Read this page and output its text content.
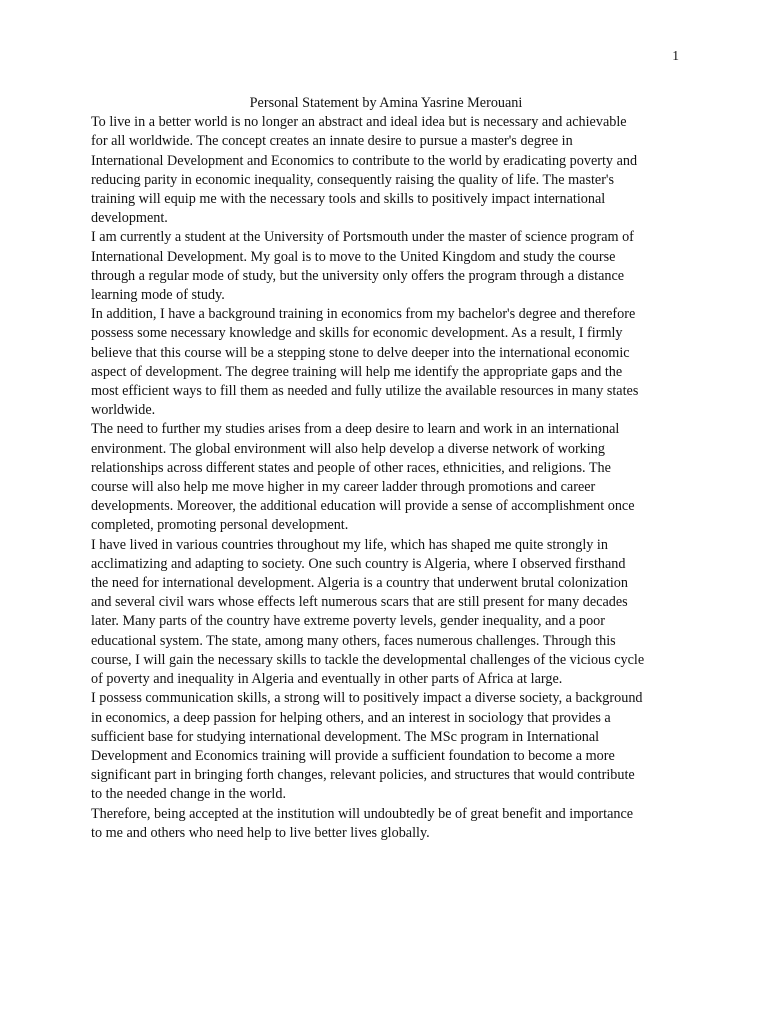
1

Personal Statement by Amina Yasrine Merouani

To live in a better world is no longer an abstract and ideal idea but is necessary and achievable
for all worldwide. The concept creates an innate desire to pursue a master's degree in
International Development and Economics to contribute to the world by eradicating poverty and
reducing parity in economic inequality, consequently raising the quality of life. The master's
training will equip me with the necessary tools and skills to positively impact international
development.

I am currently a student at the University of Portsmouth under the master of science program of
International Development. My goal is to move to the United Kingdom and study the course
through a regular mode of study, but the university only offers the program through a distance
learning mode of study.

In addition, I have a background training in economics from my bachelor's degree and therefore
possess some necessary knowledge and skills for economic development. As a result, I firmly
believe that this course will be a stepping stone to delve deeper into the international economic
aspect of development. The degree training will help me identify the appropriate gaps and the
most efficient ways to fill them as needed and fully utilize the available resources in many states
worldwide.

The need to further my studies arises from a deep desire to learn and work in an international
environment. The global environment will also help develop a diverse network of working
relationships across different states and people of other races, ethnicities, and religions. The
course will also help me move higher in my career ladder through promotions and career
developments. Moreover, the additional education will provide a sense of accomplishment once
completed, promoting personal development.

I have lived in various countries throughout my life, which has shaped me quite strongly in
acclimatizing and adapting to society. One such country is Algeria, where I observed firsthand
the need for international development. Algeria is a country that underwent brutal colonization
and several civil wars whose effects left numerous scars that are still present for many decades
later. Many parts of the country have extreme poverty levels, gender inequality, and a poor
educational system. The state, among many others, faces numerous challenges. Through this
course, I will gain the necessary skills to tackle the developmental challenges of the vicious cycle
of poverty and inequality in Algeria and eventually in other parts of Africa at large.

I possess communication skills, a strong will to positively impact a diverse society, a background
in economics, a deep passion for helping others, and an interest in sociology that provides a
sufficient base for studying international development. The MSc program in International
Development and Economics training will provide a sufficient foundation to become a more
significant part in bringing forth changes, relevant policies, and structures that would contribute
to the needed change in the world.

Therefore, being accepted at the institution will undoubtedly be of great benefit and importance
to me and others who need help to live better lives globally.
